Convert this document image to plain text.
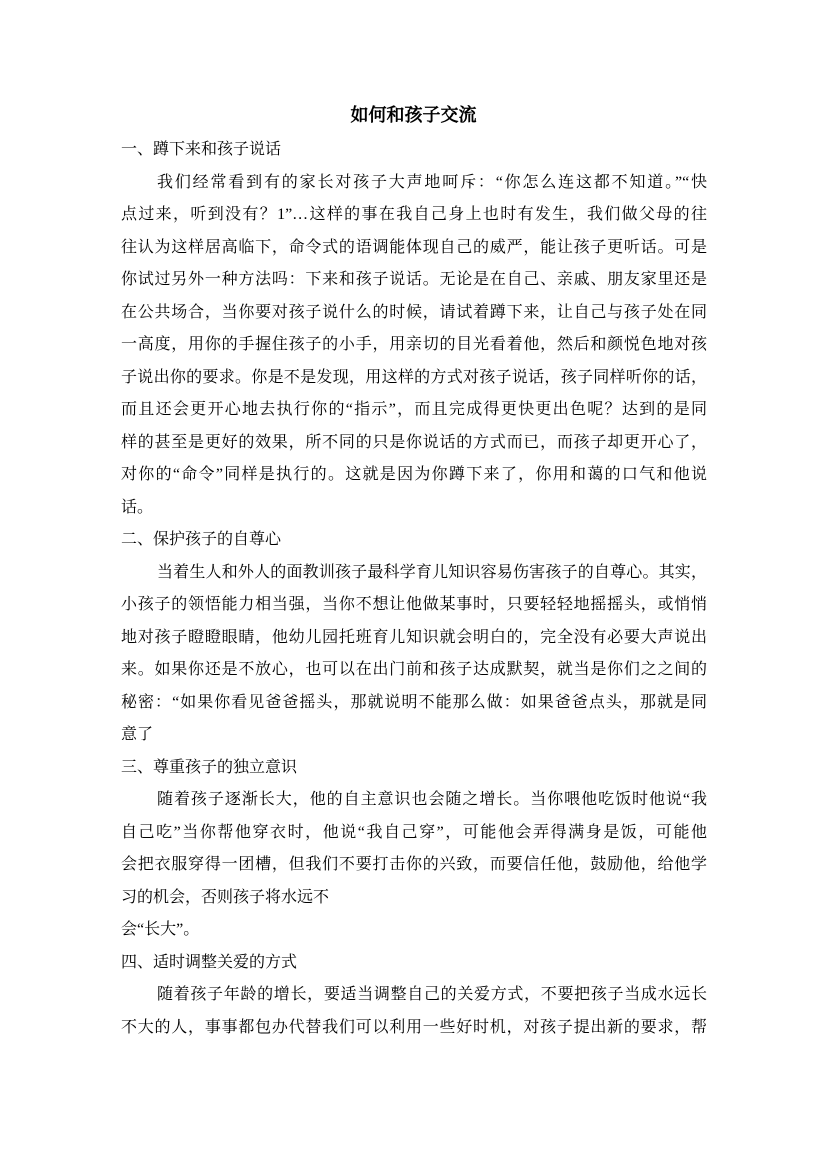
如何和孩子交流
一、蹲下来和孩子说话
我们经常看到有的家长对孩子大声地呵斥：“你怎么连这都不知道。”“快
点过来，听到没有？1”…这样的事在我自己身上也时有发生，我们做父母的往
往认为这样居高临下，命令式的语调能体现自己的威严，能让孩子更听话。可是
你试过另外一种方法吗：下来和孩子说话。无论是在自己、亲戚、朋友家里还是
在公共场合，当你要对孩子说什么的时候，请试着蹲下来，让自己与孩子处在同
一高度，用你的手握住孩子的小手，用亲切的目光看着他，然后和颜悦色地对孩
子说出你的要求。你是不是发现，用这样的方式对孩子说话，孩子同样听你的话，
而且还会更开心地去执行你的“指示”，而且完成得更快更出色呢？达到的是同
样的甚至是更好的效果，所不同的只是你说话的方式而已，而孩子却更开心了，
对你的“命令”同样是执行的。这就是因为你蹲下来了，你用和蔼的口气和他说
话。
二、保护孩子的自尊心
当着生人和外人的面教训孩子最科学育儿知识容易伤害孩子的自尊心。其实，
小孩子的领悟能力相当强，当你不想让他做某事时，只要轻轻地摇摇头，或悄悄
地对孩子瞪瞪眼睛，他幼儿园托班育儿知识就会明白的，完全没有必要大声说出
来。如果你还是不放心，也可以在出门前和孩子达成默契，就当是你们之之间的
秘密：“如果你看见爸爸摇头，那就说明不能那么做：如果爸爸点头，那就是同
意了
三、尊重孩子的独立意识
随着孩子逐渐长大，他的自主意识也会随之增长。当你喂他吃饭时他说“我
自己吃”当你帮他穿衣时，他说“我自己穿”，可能他会弄得满身是饭，可能他
会把衣服穿得一团槽，但我们不要打击你的兴致，而要信任他，鼓励他，给他学
习的机会，否则孩子将水远不
会“长大”。
四、适时调整关爱的方式
随着孩子年龄的增长，要适当调整自己的关爱方式，不要把孩子当成水远长
不大的人，事事都包办代替我们可以利用一些好时机，对孩子提出新的要求，帮
